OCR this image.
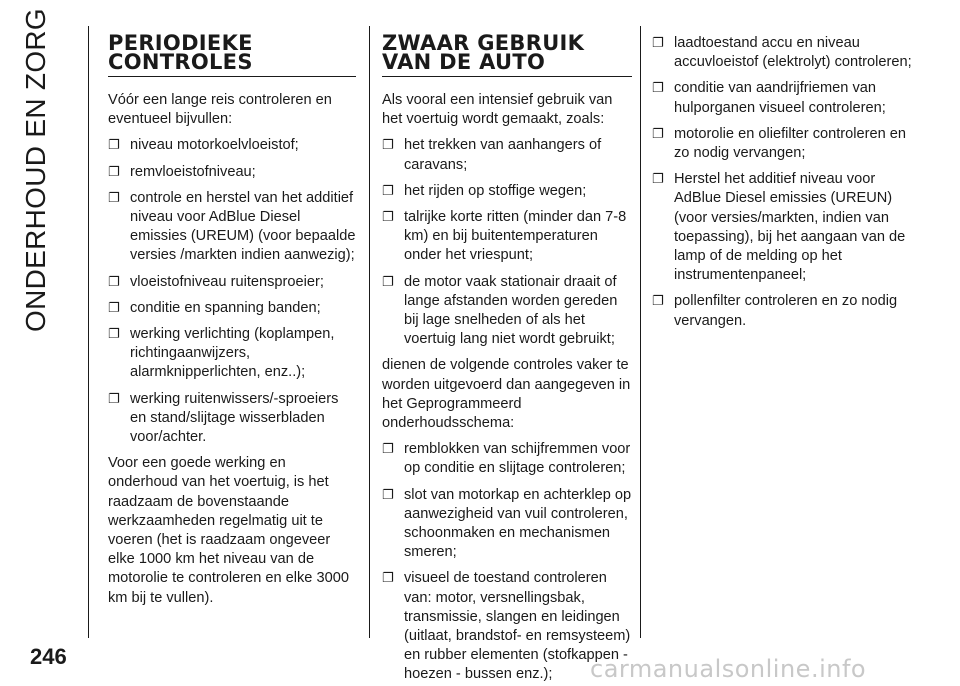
ONDERHOUD EN ZORG	PERIODIEKE CONTROLES

Vóór een lange reis controleren en eventueel bijvullen:

❐ niveau motorkoelvloeistof;
❐ remvloeistofniveau;
❐ controle en herstel van het additief niveau voor AdBlue Diesel emissies (UREUM) (voor bepaalde versies /markten indien aanwezig);
❐ vloeistofniveau ruitensproeier;
❐ conditie en spanning banden;
❐ werking verlichting (koplampen, richtingaanwijzers, alarmknipperlichten, enz..);
❐ werking ruitenwissers/-sproeiers en stand/slijtage wisserbladen voor/achter.

Voor een goede werking en onderhoud van het voertuig, is het raadzaam de bovenstaande werkzaamheden regelmatig uit te voeren (het is raadzaam ongeveer elke 1000 km het niveau van de motorolie te controleren en elke 3000 km bij te vullen).

ZWAAR GEBRUIK VAN DE AUTO

Als vooral een intensief gebruik van het voertuig wordt gemaakt, zoals:

❐ het trekken van aanhangers of caravans;
❐ het rijden op stoffige wegen;
❐ talrijke korte ritten (minder dan 7-8 km) en bij buitentemperaturen onder het vriespunt;
❐ de motor vaak stationair draait of lange afstanden worden gereden bij lage snelheden of als het voertuig lang niet wordt gebruikt;

dienen de volgende controles vaker te worden uitgevoerd dan aangegeven in het Geprogrammeerd onderhoudsschema:

❐ remblokken van schijfremmen voor op conditie en slijtage controleren;
❐ slot van motorkap en achterklep op aanwezigheid van vuil controleren, schoonmaken en mechanismen smeren;
❐ visueel de toestand controleren van: motor, versnellingsbak, transmissie, slangen en leidingen (uitlaat, brandstof- en remsysteem) en rubber elementen (stofkappen - hoezen - bussen enz.);
❐ laadtoestand accu en niveau accuvloeistof (elektrolyt) controleren;
❐ conditie van aandrijfriemen van hulporganen visueel controleren;
❐ motorolie en oliefilter controleren en zo nodig vervangen;
❐ Herstel het additief niveau voor AdBlue Diesel emissies (UREUN) (voor versies/markten, indien van toepassing), bij het aangaan van de lamp of de melding op het instrumentenpaneel;
❐ pollenfilter controleren en zo nodig vervangen.
246	carmanualsonline.info
